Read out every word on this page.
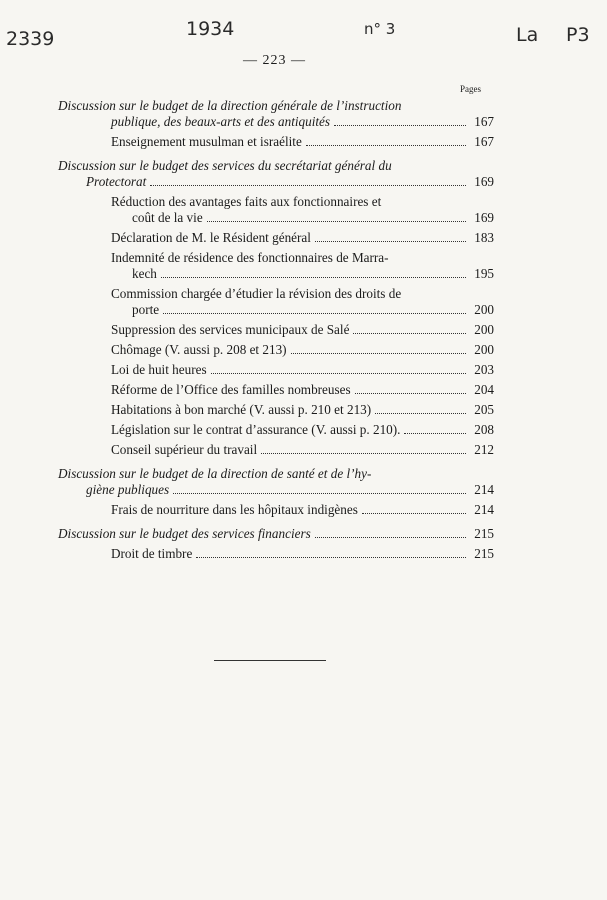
2339	1934	n° 3	La P3
— 223 —
Pages
Discussion sur le budget de la direction générale de l’instruction
publique, des beaux-arts et des antiquités	167
Enseignement musulman et israélite	167
Discussion sur le budget des services du secrétariat général du
Protectorat	169
Réduction des avantages faits aux fonctionnaires et
coût de la vie	169
Déclaration de M. le Résident général	183
Indemnité de résidence des fonctionnaires de Marra-
kech	195
Commission chargée d’étudier la révision des droits de
porte	200
Suppression des services municipaux de Salé	200
Chômage (V. aussi p. 208 et 213)	200
Loi de huit heures	203
Réforme de l’Office des familles nombreuses	204
Habitations à bon marché (V. aussi p. 210 et 213)	205
Législation sur le contrat d’assurance (V. aussi p. 210).	208
Conseil supérieur du travail	212
Discussion sur le budget de la direction de santé et de l’hy-
giène publiques	214
Frais de nourriture dans les hôpitaux indigènes	214
Discussion sur le budget des services financiers	215
Droit de timbre	215
